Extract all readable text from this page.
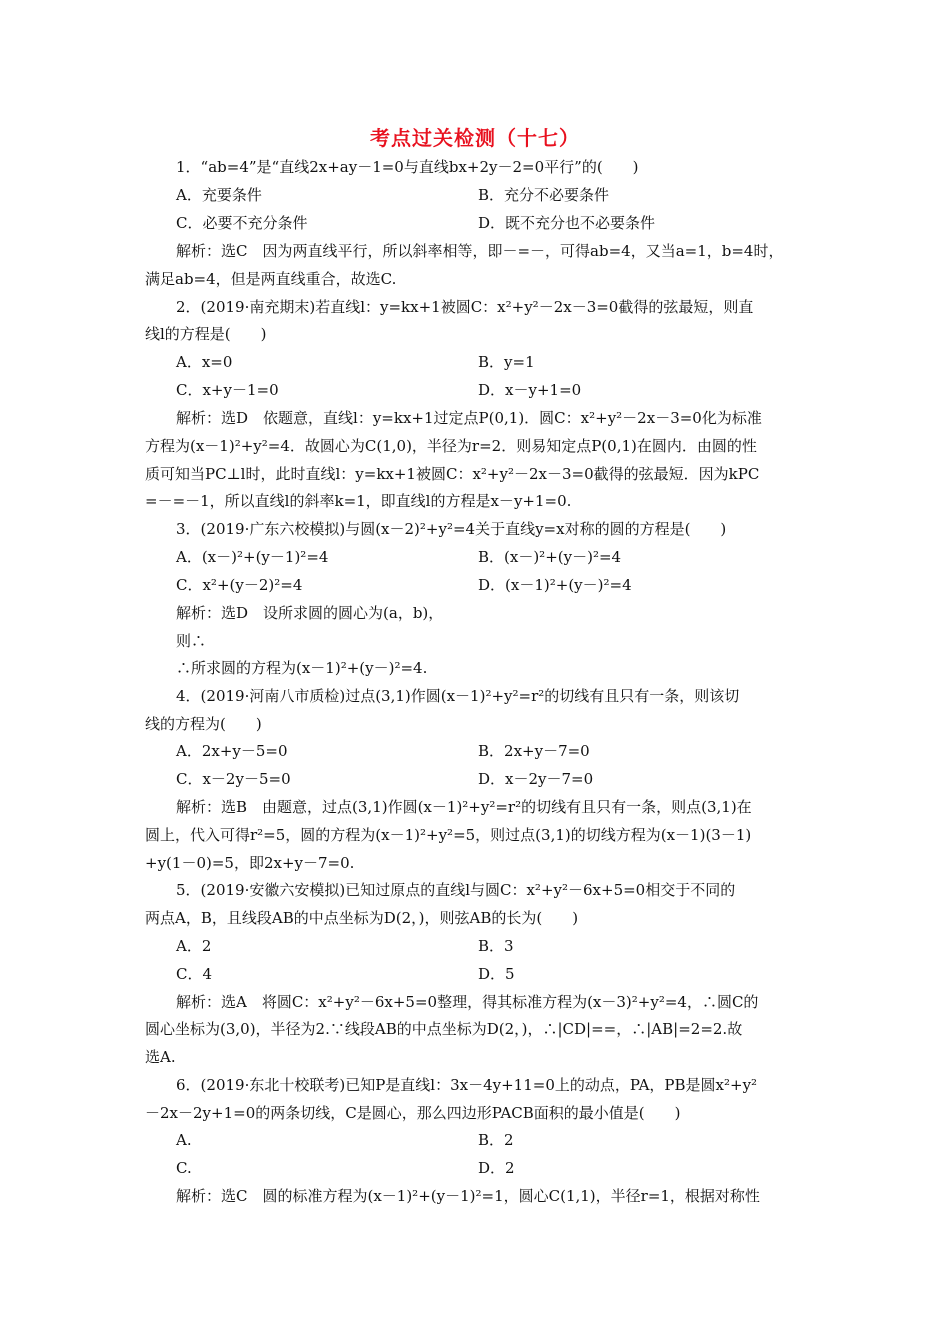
考点过关检测（十七）
1．“ab=4”是“直线2x+ay－1=0与直线bx+2y－2=0平行”的(　　)
A．充要条件	B．充分不必要条件
C．必要不充分条件	D．既不充分也不必要条件
解析：选C　因为两直线平行，所以斜率相等，即－=－，可得ab=4，又当a=1，b=4时，
满足ab=4，但是两直线重合，故选C.
2．(2019·南充期末)若直线l：y=kx+1被圆C：x²+y²－2x－3=0截得的弦最短，则直
线l的方程是(　　)
A．x=0	B．y=1
C．x+y－1=0	D．x－y+1=0
解析：选D　依题意，直线l：y=kx+1过定点P(0,1)．圆C：x²+y²－2x－3=0化为标准
方程为(x－1)²+y²=4．故圆心为C(1,0)，半径为r=2．则易知定点P(0,1)在圆内．由圆的性
质可知当PC⊥l时，此时直线l：y=kx+1被圆C：x²+y²－2x－3=0截得的弦最短．因为kPC
=－=－1，所以直线l的斜率k=1，即直线l的方程是x－y+1=0.
3．(2019·广东六校模拟)与圆(x－2)²+y²=4关于直线y=x对称的圆的方程是(　　)
A．(x－)²+(y－1)²=4	B．(x－)²+(y－)²=4
C．x²+(y－2)²=4	D．(x－1)²+(y－)²=4
解析：选D　设所求圆的圆心为(a，b)，
则∴
∴所求圆的方程为(x－1)²+(y－)²=4.
4．(2019·河南八市质检)过点(3,1)作圆(x－1)²+y²=r²的切线有且只有一条，则该切
线的方程为(　　)
A．2x+y－5=0	B．2x+y－7=0
C．x－2y－5=0	D．x－2y－7=0
解析：选B　由题意，过点(3,1)作圆(x－1)²+y²=r²的切线有且只有一条，则点(3,1)在
圆上，代入可得r²=5，圆的方程为(x－1)²+y²=5，则过点(3,1)的切线方程为(x－1)(3－1)
+y(1－0)=5，即2x+y－7=0.
5．(2019·安徽六安模拟)已知过原点的直线l与圆C：x²+y²－6x+5=0相交于不同的
两点A，B，且线段AB的中点坐标为D(2，)，则弦AB的长为(　　)
A．2	B．3
C．4	D．5
解析：选A　将圆C：x²+y²－6x+5=0整理，得其标准方程为(x－3)²+y²=4，∴圆C的
圆心坐标为(3,0)，半径为2.∵线段AB的中点坐标为D(2，)，∴|CD|==，∴|AB|=2=2.故
选A.
6．(2019·东北十校联考)已知P是直线l：3x－4y+11=0上的动点，PA，PB是圆x²+y²
－2x－2y+1=0的两条切线，C是圆心，那么四边形PACB面积的最小值是(　　)
A.	B．2
C.	D．2
解析：选C　圆的标准方程为(x－1)²+(y－1)²=1，圆心C(1,1)，半径r=1，根据对称性
